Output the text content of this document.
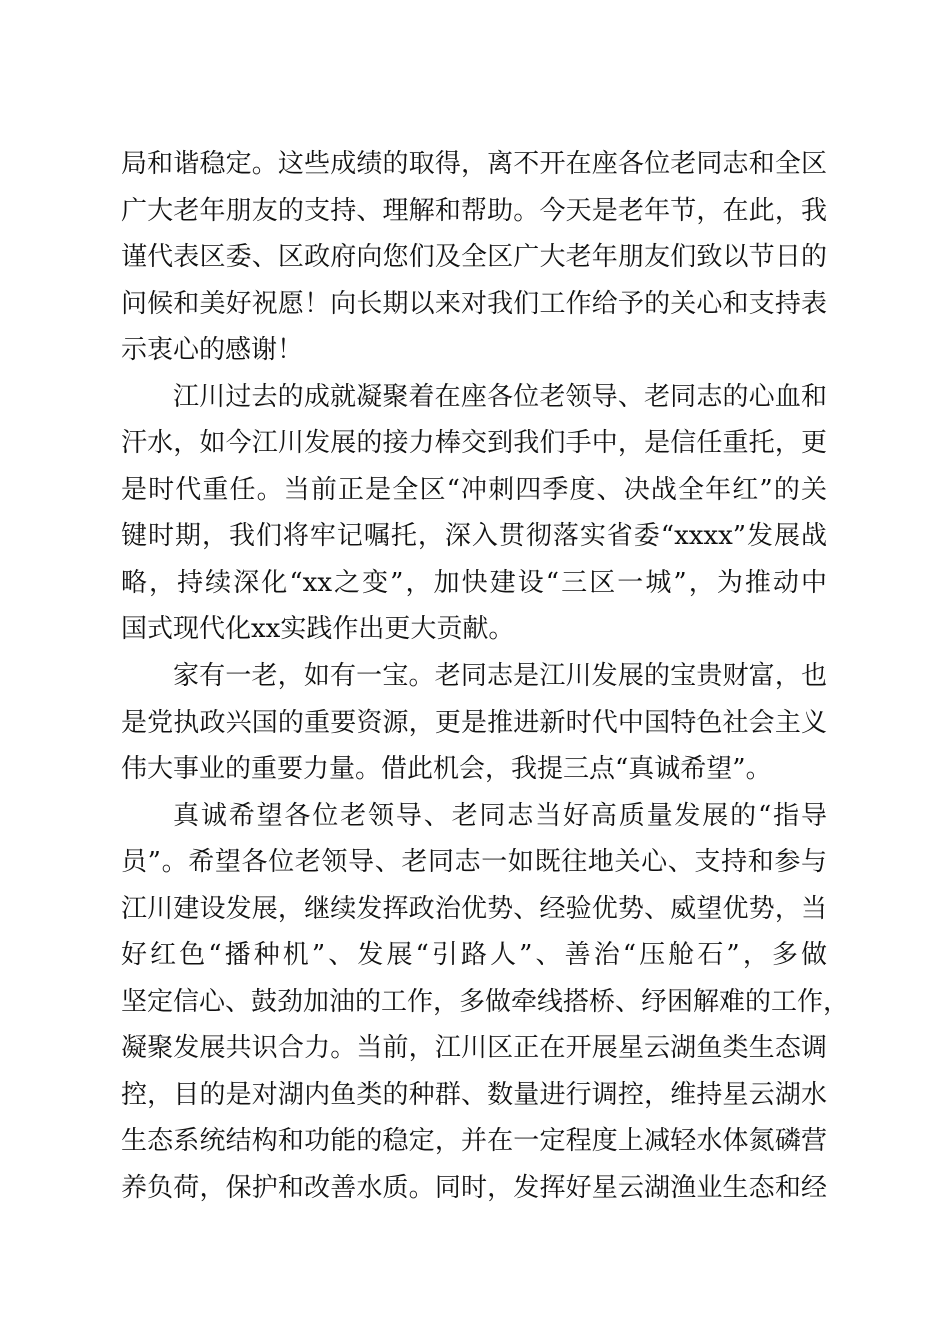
局和谐稳定。这些成绩的取得，离不开在座各位老同志和全区
广大老年朋友的支持、理解和帮助。今天是老年节，在此，我
谨代表区委、区政府向您们及全区广大老年朋友们致以节日的
问候和美好祝愿！向长期以来对我们工作给予的关心和支持表
示衷心的感谢！
江川过去的成就凝聚着在座各位老领导、老同志的心血和
汗水，如今江川发展的接力棒交到我们手中，是信任重托，更
是时代重任。当前正是全区“冲刺四季度、决战全年红”的关
键时期，我们将牢记嘱托，深入贯彻落实省委“xxxx”发展战
略，持续深化“xx之变”，加快建设“三区一城”，为推动中
国式现代化xx实践作出更大贡献。
家有一老，如有一宝。老同志是江川发展的宝贵财富，也
是党执政兴国的重要资源，更是推进新时代中国特色社会主义
伟大事业的重要力量。借此机会，我提三点“真诚希望”。
真诚希望各位老领导、老同志当好高质量发展的“指导
员”。希望各位老领导、老同志一如既往地关心、支持和参与
江川建设发展，继续发挥政治优势、经验优势、威望优势，当
好红色“播种机”、发展“引路人”、善治“压舱石”，多做
坚定信心、鼓劲加油的工作，多做牵线搭桥、纾困解难的工作，
凝聚发展共识合力。当前，江川区正在开展星云湖鱼类生态调
控，目的是对湖内鱼类的种群、数量进行调控，维持星云湖水
生态系统结构和功能的稳定，并在一定程度上减轻水体氮磷营
养负荷，保护和改善水质。同时，发挥好星云湖渔业生态和经
